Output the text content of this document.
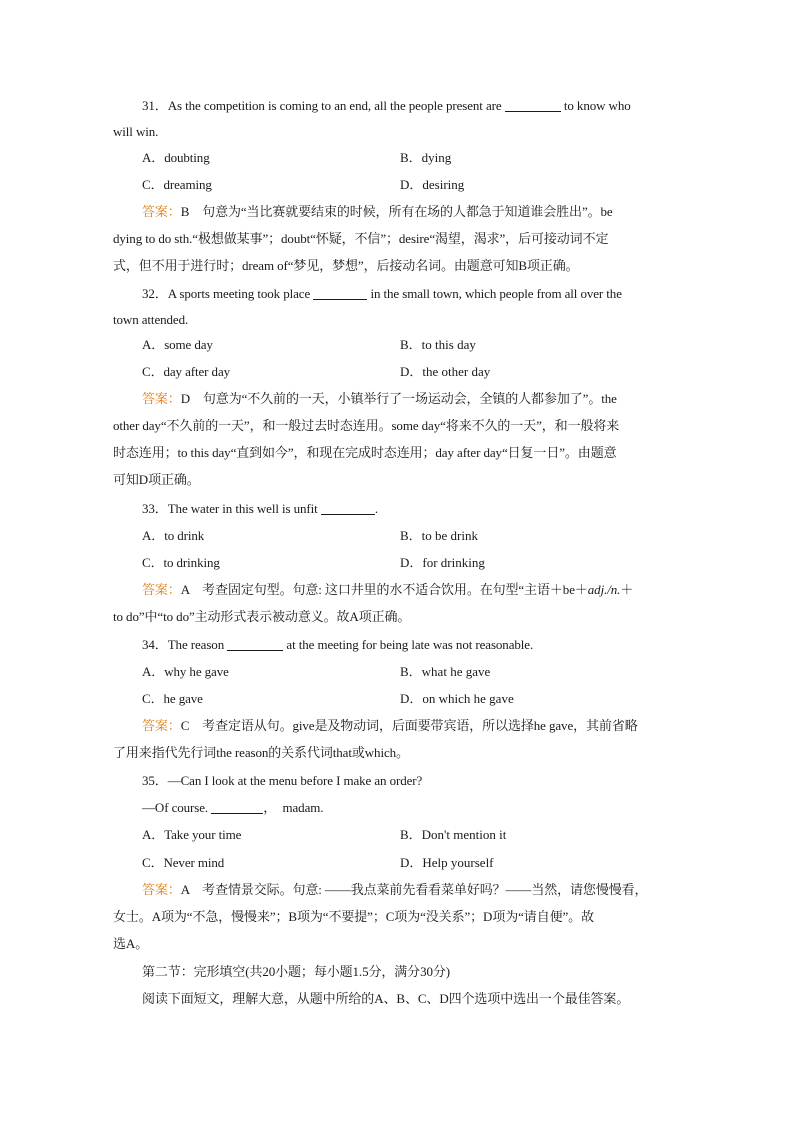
31．As the competition is coming to an end, all the people present are	to know who
will win.
A．doubting	B．dying
C．dreaming	D．desiring
答案：B　句意为“当比赛就要结束的时候，所有在场的人都急于知道谁会胜出”。be
dying to do sth.“极想做某事”；doubt“怀疑，不信”；desire“渴望，渴求”，后可接动词不定
式，但不用于进行时；dream of“梦见，梦想”，后接动名词。由题意可知B项正确。
32．A sports meeting took place	in the small town, which people from all over the
town attended.
A．some day	B．to this day
C．day after day	D．the other day
答案：D　句意为“不久前的一天，小镇举行了一场运动会，全镇的人都参加了”。the
other day“不久前的一天”，和一般过去时态连用。some day“将来不久的一天”，和一般将来
时态连用；to this day“直到如今”，和现在完成时态连用；day after day“日复一日”。由题意
可知D项正确。
33．The water in this well is unfit	.
A．to drink	B．to be drink
C．to drinking	D．for drinking
答案：A　考查固定句型。句意: 这口井里的水不适合饮用。在句型“主语＋be＋adj./n.＋
to do”中“to do”主动形式表示被动意义。故A项正确。
34．The reason	at the meeting for being late was not reasonable.
A．why he gave	B．what he gave
C．he gave	D．on which he gave
答案：C　考查定语从句。give是及物动词，后面要带宾语，所以选择he gave，其前省略
了用来指代先行词the reason的关系代词that或which。
35．—Can I look at the menu before I make an order?
—Of course.	，　madam.
A．Take your time	B．Don't mention it
C．Never mind	D．Help yourself
答案：A　考查情景交际。句意: ——我点菜前先看看菜单好吗？——当然，请您慢慢看，
女士。A项为“不急，慢慢来”；B项为“不要提”；C项为“没关系”；D项为“请自便”。故
选A。
第二节：完形填空(共20小题；每小题1.5分，满分30分)
阅读下面短文，理解大意，从题中所给的A、B、C、D四个选项中选出一个最佳答案。
